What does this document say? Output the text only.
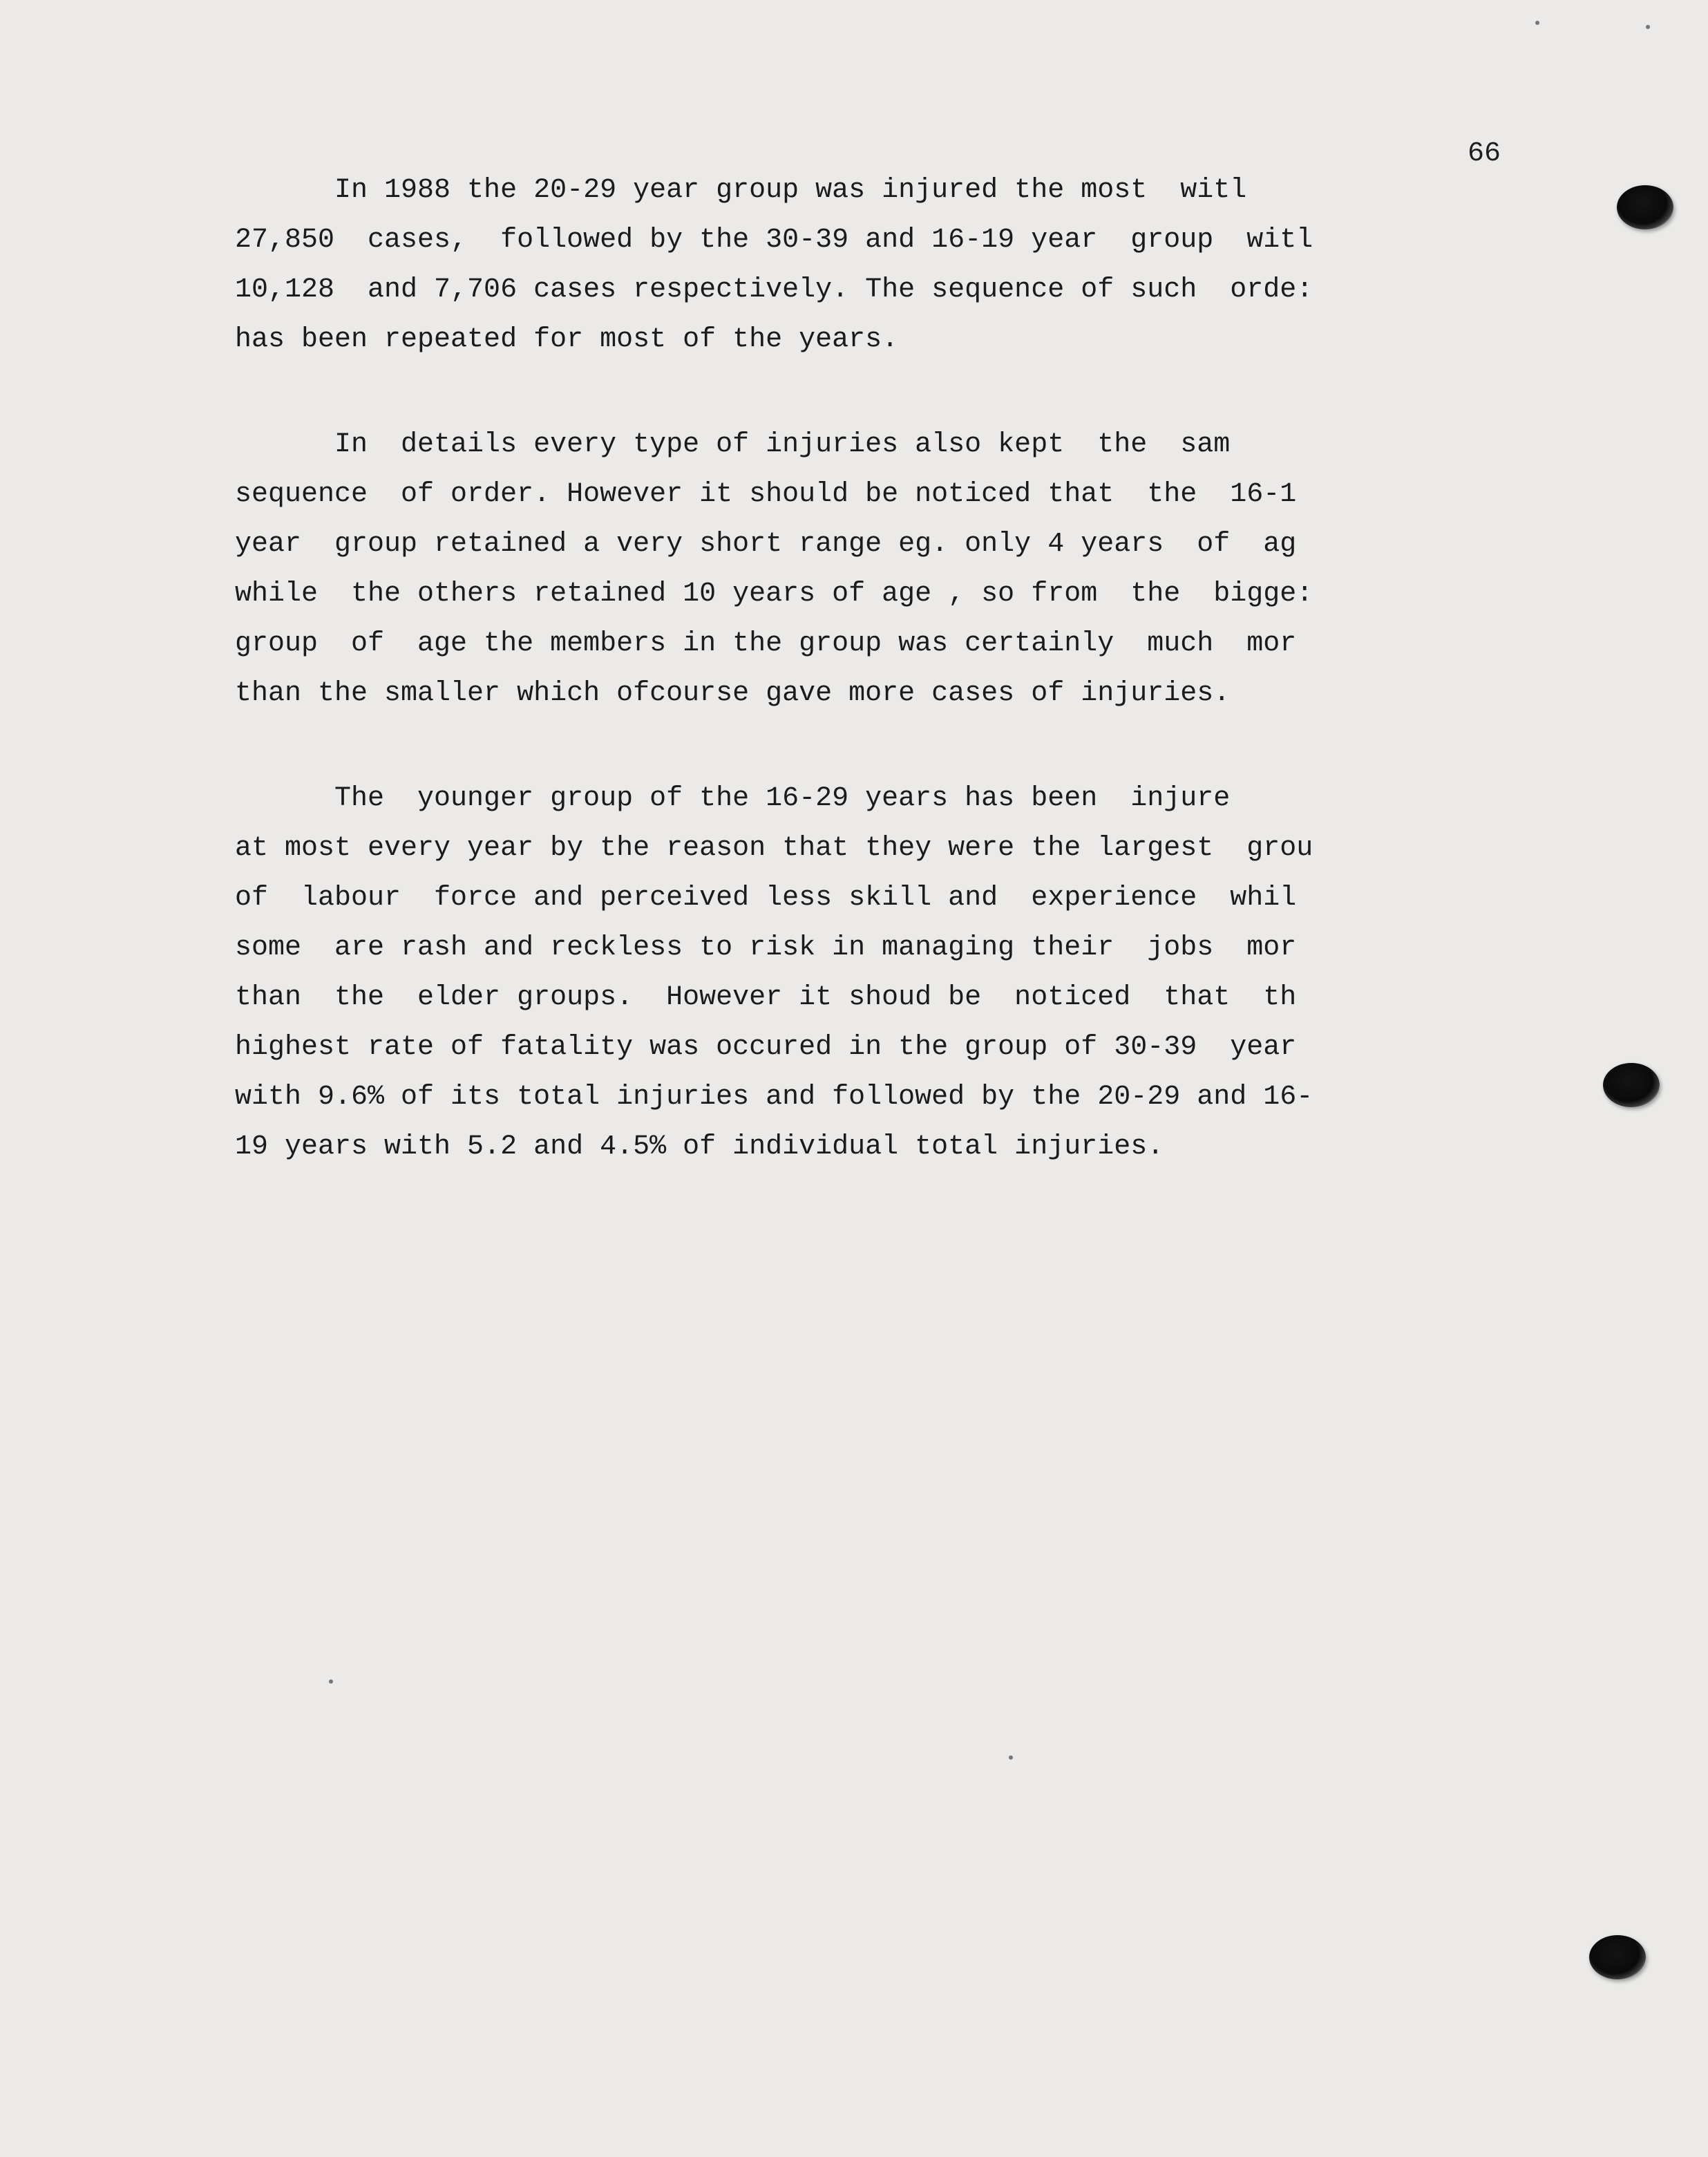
66

In 1988 the 20-29 year group was injured the most  witl
27,850  cases,  followed by the 30-39 and 16-19 year  group  witl
10,128  and 7,706 cases respectively. The sequence of such  orde:
has been repeated for most of the years.

In  details every type of injuries also kept  the  sam
sequence  of order. However it should be noticed that  the  16-1
year  group retained a very short range eg. only 4 years  of  ag
while  the others retained 10 years of age , so from  the  bigge:
group  of  age the members in the group was certainly  much  mor
than the smaller which ofcourse gave more cases of injuries.

The  younger group of the 16-29 years has been  injure
at most every year by the reason that they were the largest  grou
of  labour  force and perceived less skill and  experience  whil
some  are rash and reckless to risk in managing their  jobs  mor
than  the  elder groups.  However it shoud be  noticed  that  th
highest rate of fatality was occured in the group of 30-39  year
with 9.6% of its total injuries and followed by the 20-29 and 16-
19 years with 5.2 and 4.5% of individual total injuries.
